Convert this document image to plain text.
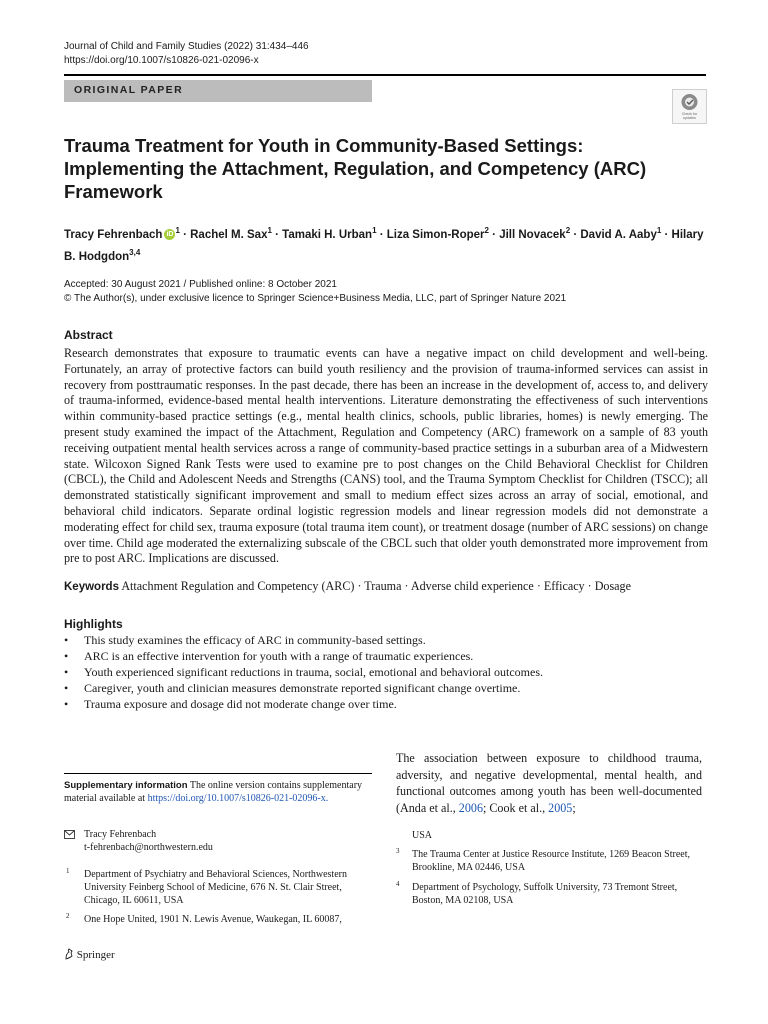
Journal of Child and Family Studies (2022) 31:434–446
https://doi.org/10.1007/s10826-021-02096-x
ORIGINAL PAPER
Check for updates
Trauma Treatment for Youth in Community-Based Settings: Implementing the Attachment, Regulation, and Competency (ARC) Framework
Tracy Fehrenbach iD $^1$ · Rachel M. Sax$^1$ · Tamaki H. Urban$^1$ · Liza Simon-Roper$^2$ · Jill Novacek$^2$ · David A. Aaby$^1$ · Hilary B. Hodgdon$^{3,4}$
Accepted: 30 August 2021 / Published online: 8 October 2021
© The Author(s), under exclusive licence to Springer Science+Business Media, LLC, part of Springer Nature 2021
Abstract
Research demonstrates that exposure to traumatic events can have a negative impact on child development and well-being. Fortunately, an array of protective factors can build youth resiliency and the provision of trauma-informed services can assist in recovery from posttraumatic responses. In the past decade, there has been an increase in the development of, access to, and delivery of trauma-informed, evidence-based mental health interventions. Literature demonstrating the effectiveness of such interventions within community-based practice settings (e.g., mental health clinics, schools, public libraries, homes) is newly emerging. The present study examined the impact of the Attachment, Regulation and Competency (ARC) framework on a sample of 83 youth receiving outpatient mental health services across a range of community-based practice settings in a suburban area of a Midwestern state. Wilcoxon Signed Rank Tests were used to examine pre to post changes on the Child Behavioral Checklist for Children (CBCL), the Child and Adolescent Needs and Strengths (CANS) tool, and the Trauma Symptom Checklist for Children (TSCC); all demonstrated statistically significant improvement and small to medium effect sizes across an array of social, emotional, and behavioral child indicators. Separate ordinal logistic regression models and linear regression models did not demonstrate a moderating effect for child sex, trauma exposure (total trauma item count), or treatment dosage (number of ARC sessions) on change over time. Child age moderated the externalizing subscale of the CBCL such that older youth demonstrated more improvement from pre to post ARC. Implications are discussed.
Keywords Attachment Regulation and Competency (ARC) · Trauma · Adverse child experience · Efficacy · Dosage
Highlights
• This study examines the efficacy of ARC in community-based settings.
• ARC is an effective intervention for youth with a range of traumatic experiences.
• Youth experienced significant reductions in trauma, social, emotional and behavioral outcomes.
• Caregiver, youth and clinician measures demonstrate reported significant change overtime.
• Trauma exposure and dosage did not moderate change over time.
Supplementary information The online version contains supplementary material available at https://doi.org/10.1007/s10826-021-02096-x.
Tracy Fehrenbach
t-fehrenbach@northwestern.edu
1 Department of Psychiatry and Behavioral Sciences, Northwestern University Feinberg School of Medicine, 676 N. St. Clair Street, Chicago, IL 60611, USA
2 One Hope United, 1901 N. Lewis Avenue, Waukegan, IL 60087,
The association between exposure to childhood trauma, adversity, and negative developmental, mental health, and functional outcomes among youth has been well-documented (Anda et al., 2006; Cook et al., 2005;
USA
3 The Trauma Center at Justice Resource Institute, 1269 Beacon Street, Brookline, MA 02446, USA
4 Department of Psychology, Suffolk University, 73 Tremont Street, Boston, MA 02108, USA
Springer
